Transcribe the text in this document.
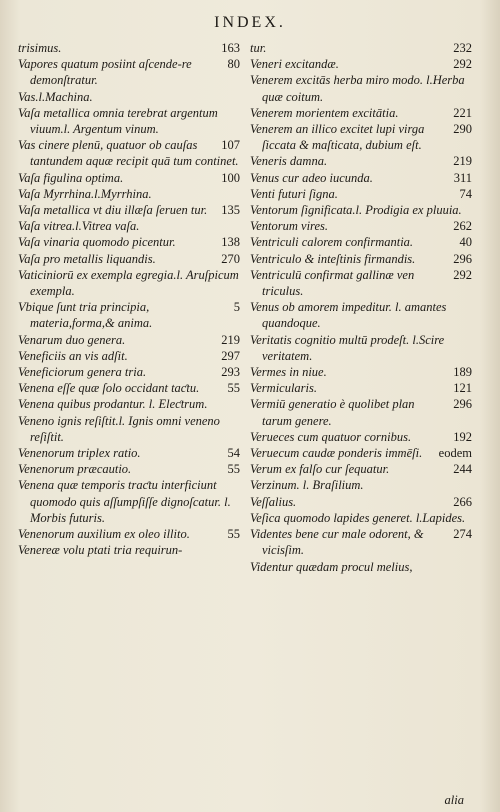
INDEX.
163
trisimus.
80
Vapores quatum posiint aſcende-re demonſtratur.
Vas.l.Machina.
Vaſa metallica omnia terebrat argentum viuum.l. Argentum vinum.
107
Vas cinere plenū, quatuor ob cauſas tantundem aquæ recipit quā tum continet.
100
Vaſa figulina optima.
Vaſa Myrrhina.l.Myrrhina.
135
Vaſa metallica vt diu illæſa ſeruen tur.
Vaſa vitrea.l.Vitrea vaſa.
138
Vaſa vinaria quomodo picentur.
270
Vaſa pro metallis liquandis.
Vaticiniorū ex exempla egregia.l. Aruſpicum exempla.
5
Vbique ſunt tria principia, materia,forma,& anima.
219
Venarum duo genera.
297
Veneficiis an vis adſit.
293
Veneficiorum genera tria.
55
Venena eſſe quæ ſolo occidant taƈtu.
Venena quibus prodantur. l. Eleƈtrum.
Veneno ignis reſiſtit.l. Ignis omni veneno reſiſtit.
54
Venenorum triplex ratio.
55
Venenorum præcautio.
Venena quæ temporis traƈtu interficiunt quomodo quis aſſumpſiſſe dignoſcatur. l. Morbis futuris.
55
Venenorum auxilium ex oleo illito.
Venereæ volu ptati tria requirun-
232
tur.
292
Veneri excitandæ.
Venerem excitās herba miro modo. l.Herba quæ coitum.
221
Venerem morientem excitātia.
290
Venerem an illico excitet lupi virga ſiccata & maſticata, dubium eſt.
219
Veneris damna.
311
Venus cur adeo iucunda.
74
Venti futuri ſigna.
Ventorum ſignificata.l. Prodigia ex pluuia.
262
Ventorum vires.
40
Ventriculi calorem confirmantia.
296
Ventriculo & inteſtinis firmandis.
292
Ventriculū confirmat gallinæ ven triculus.
Venus ob amorem impeditur. l. amantes quandoque.
Veritatis cognitio multū prodeſt. l.Scire veritatem.
189
Vermes in niue.
121
Vermicularis.
296
Vermiū generatio è quolibet plan tarum genere.
192
Verueces cum quatuor cornibus.
eodem
Veruecum caudæ ponderis immēſi.
244
Verum ex falſo cur ſequatur.
Verzinum. l. Braſilium.
266
Veſſalius.
Veſica quomodo lapides generet. l.Lapides.
274
Videntes bene cur male odorent, & vicisſim.
Videntur quædam procul melius,
alia
